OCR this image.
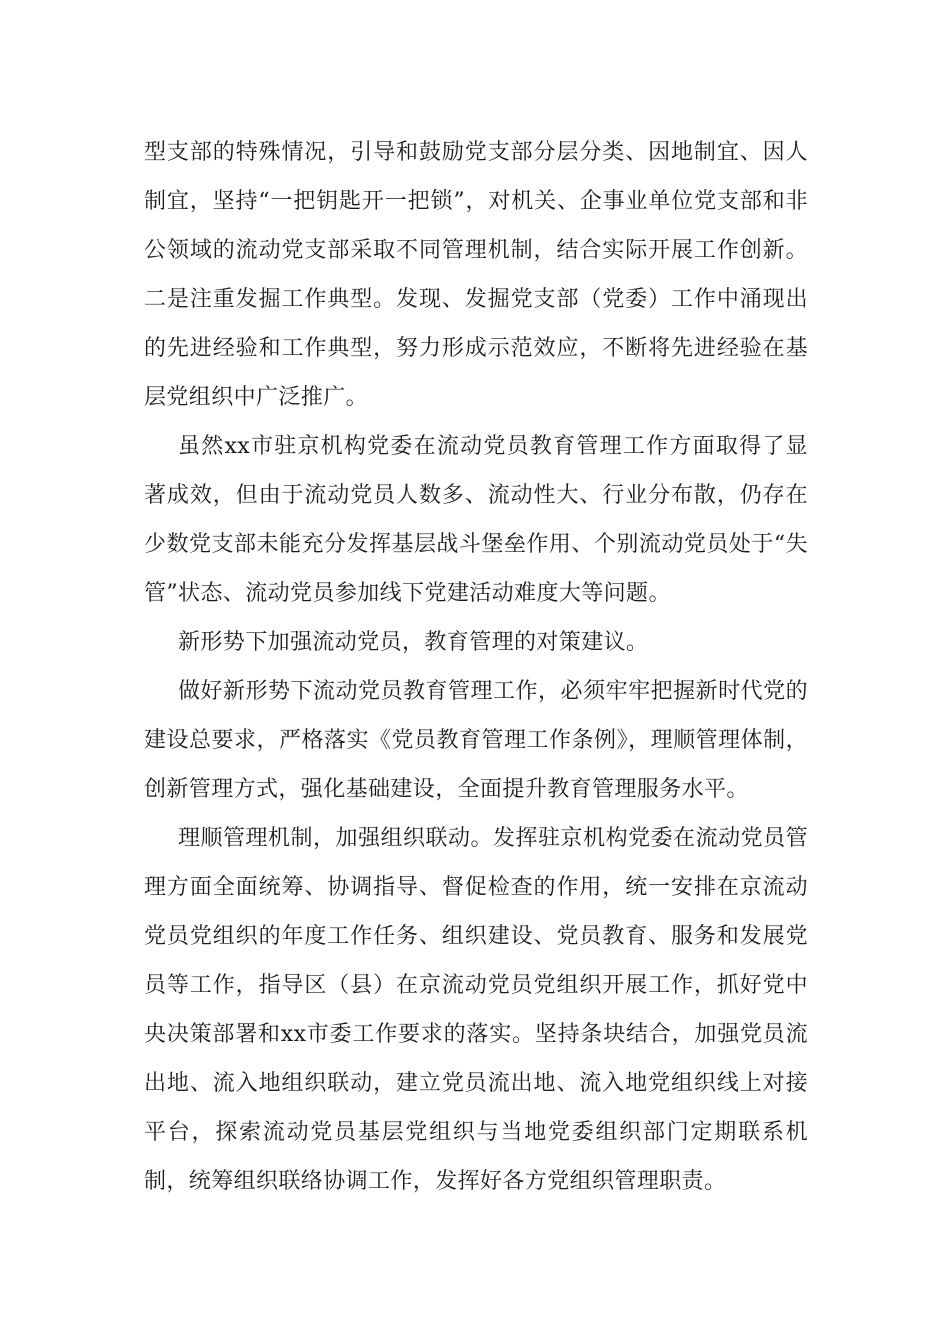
型支部的特殊情况，引导和鼓励党支部分层分类、因地制宜、因人制宜，坚持“一把钥匙开一把锁”，对机关、企事业单位党支部和非公领域的流动党支部采取不同管理机制，结合实际开展工作创新。二是注重发掘工作典型。发现、发掘党支部（党委）工作中涌现出的先进经验和工作典型，努力形成示范效应，不断将先进经验在基层党组织中广泛推广。

虽然xx市驻京机构党委在流动党员教育管理工作方面取得了显著成效，但由于流动党员人数多、流动性大、行业分布散，仍存在少数党支部未能充分发挥基层战斗堡垒作用、个别流动党员处于“失管”状态、流动党员参加线下党建活动难度大等问题。

新形势下加强流动党员，教育管理的对策建议。

做好新形势下流动党员教育管理工作，必须牢牢把握新时代党的建设总要求，严格落实《党员教育管理工作条例》，理顺管理体制，创新管理方式，强化基础建设，全面提升教育管理服务水平。

理顺管理机制，加强组织联动。发挥驻京机构党委在流动党员管理方面全面统筹、协调指导、督促检查的作用，统一安排在京流动党员党组织的年度工作任务、组织建设、党员教育、服务和发展党员等工作，指导区（县）在京流动党员党组织开展工作，抓好党中央决策部署和xx市委工作要求的落实。坚持条块结合，加强党员流出地、流入地组织联动，建立党员流出地、流入地党组织线上对接平台，探索流动党员基层党组织与当地党委组织部门定期联系机制，统筹组织联络协调工作，发挥好各方党组织管理职责。
